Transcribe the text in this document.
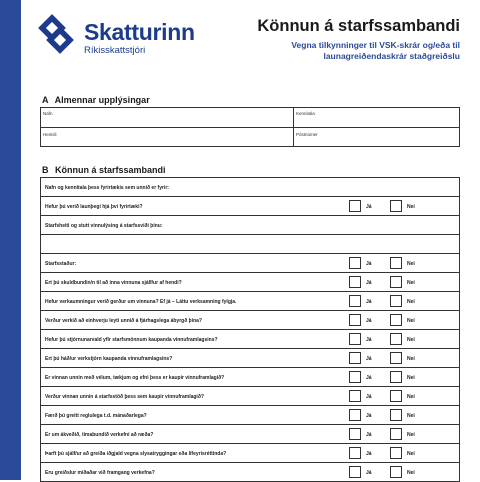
Skatturinn
Ríkisskattstjóri
Könnun á starfssambandi
Vegna tilkynninger til VSK-skrár og/eða til launagreiðendaskrár staðgreiðslu
A Almennar upplýsingar
Nafn	Kennitala
Heimili	Póstnúmer
B Könnun á starfssambandi
Nafn og kennitala þess fyrirtækis sem unnið er fyrir:
Hefur þú verið launþegi hjá því fyrirtæki?	Já	Nei
Starfsheiti og stutt vinnulýsing á starfssviði þínu:
Starfsstaður:	Já	Nei
Ert þú skuldbundin/n til að inna vinnuna sjálf/ur af hendi?	Já	Nei
Hefur verkaumningur verið gerður um vinnuna? Ef já – Láttu verksamning fylgja.	Já	Nei
Verður verkið að einhverju leyti unnið á fjárhagslega ábyrgð þína?	Já	Nei
Hefur þú stjórnunarvald yfir starfsmönnum kaupanda vinnuframlagsins?	Já	Nei
Ert þú háð/ur verkstjórn kaupanda vinnuframlagsins?	Já	Nei
Er vinnan unnin með vélum, tækjum og efni þess er kaupir vinnuframlagið?	Já	Nei
Verður vinnan unnin á starfsstöð þess sem kaupir vinnuframlagið?	Já	Nei
Færð þú greitt reglulega t.d. mánaðarlega?	Já	Nei
Er um ákveðið, tímabundið verkefni að ræða?	Já	Nei
Þarft þú sjálf/ur að greiða iðgjald vegna slysatryggingar eða lífeyrisréttinda?	Já	Nei
Eru greiðslur miðaðar við framgang verkefna?	Já	Nei
